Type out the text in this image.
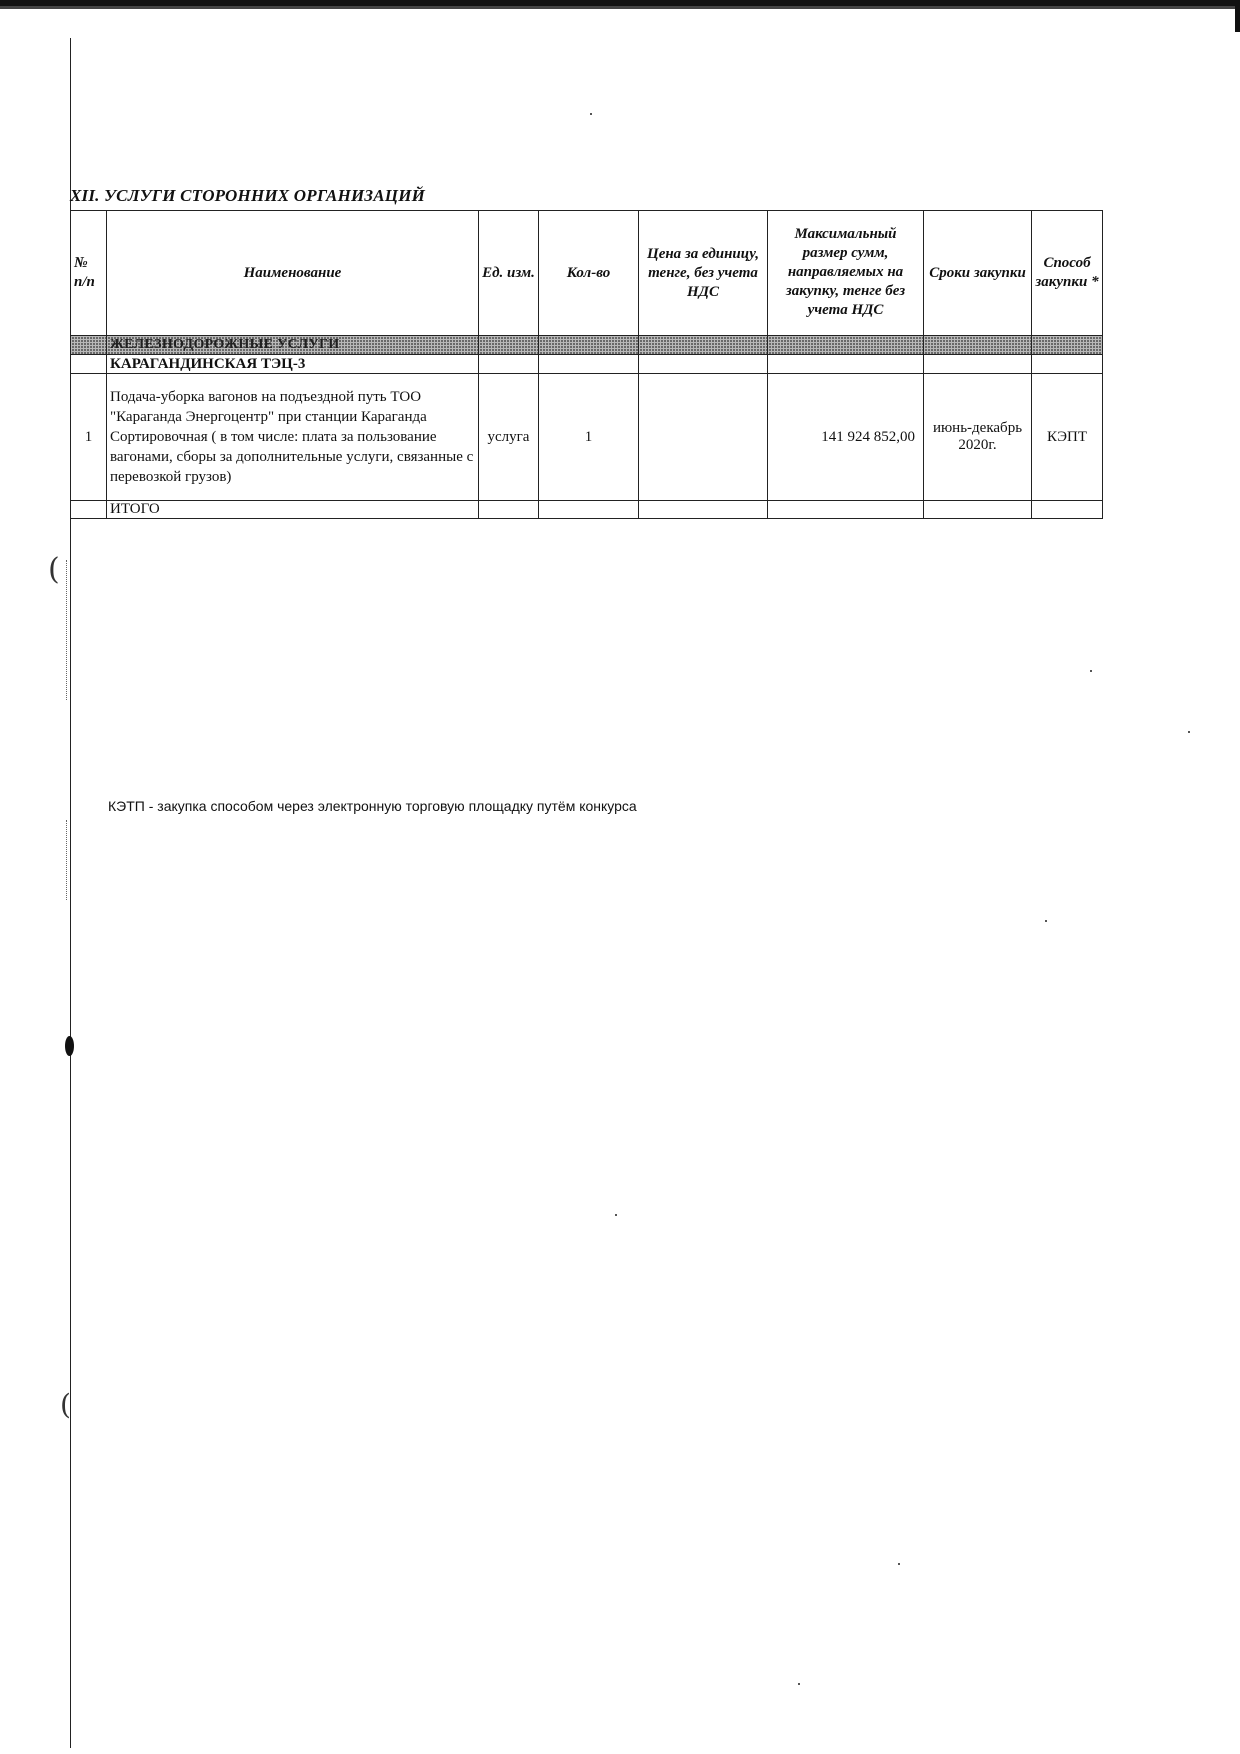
(
(
XII. УСЛУГИ СТОРОННИХ ОРГАНИЗАЦИЙ
№ п/п	Наименование	Ед. изм.	Кол-во	Цена за единицу, тенге, без учета НДС	Максимальный размер сумм, направляемых на закупку, тенге без учета НДС	Сроки закупки	Способ закупки *
	ЖЕЛЕЗНОДОРОЖНЫЕ УСЛУГИ						
	КАРАГАНДИНСКАЯ ТЭЦ-3						
1	Подача-уборка вагонов на подъездной путь ТОО "Караганда Энергоцентр" при станции Караганда Сортировочная ( в том числе: плата за пользование вагонами, сборы за дополнительные услуги, связанные с перевозкой грузов)	услуга	1		141 924 852,00	июнь-декабрь 2020г.	КЭПТ
	ИТОГО						
КЭТП - закупка способом через электронную торговую площадку путём конкурса
